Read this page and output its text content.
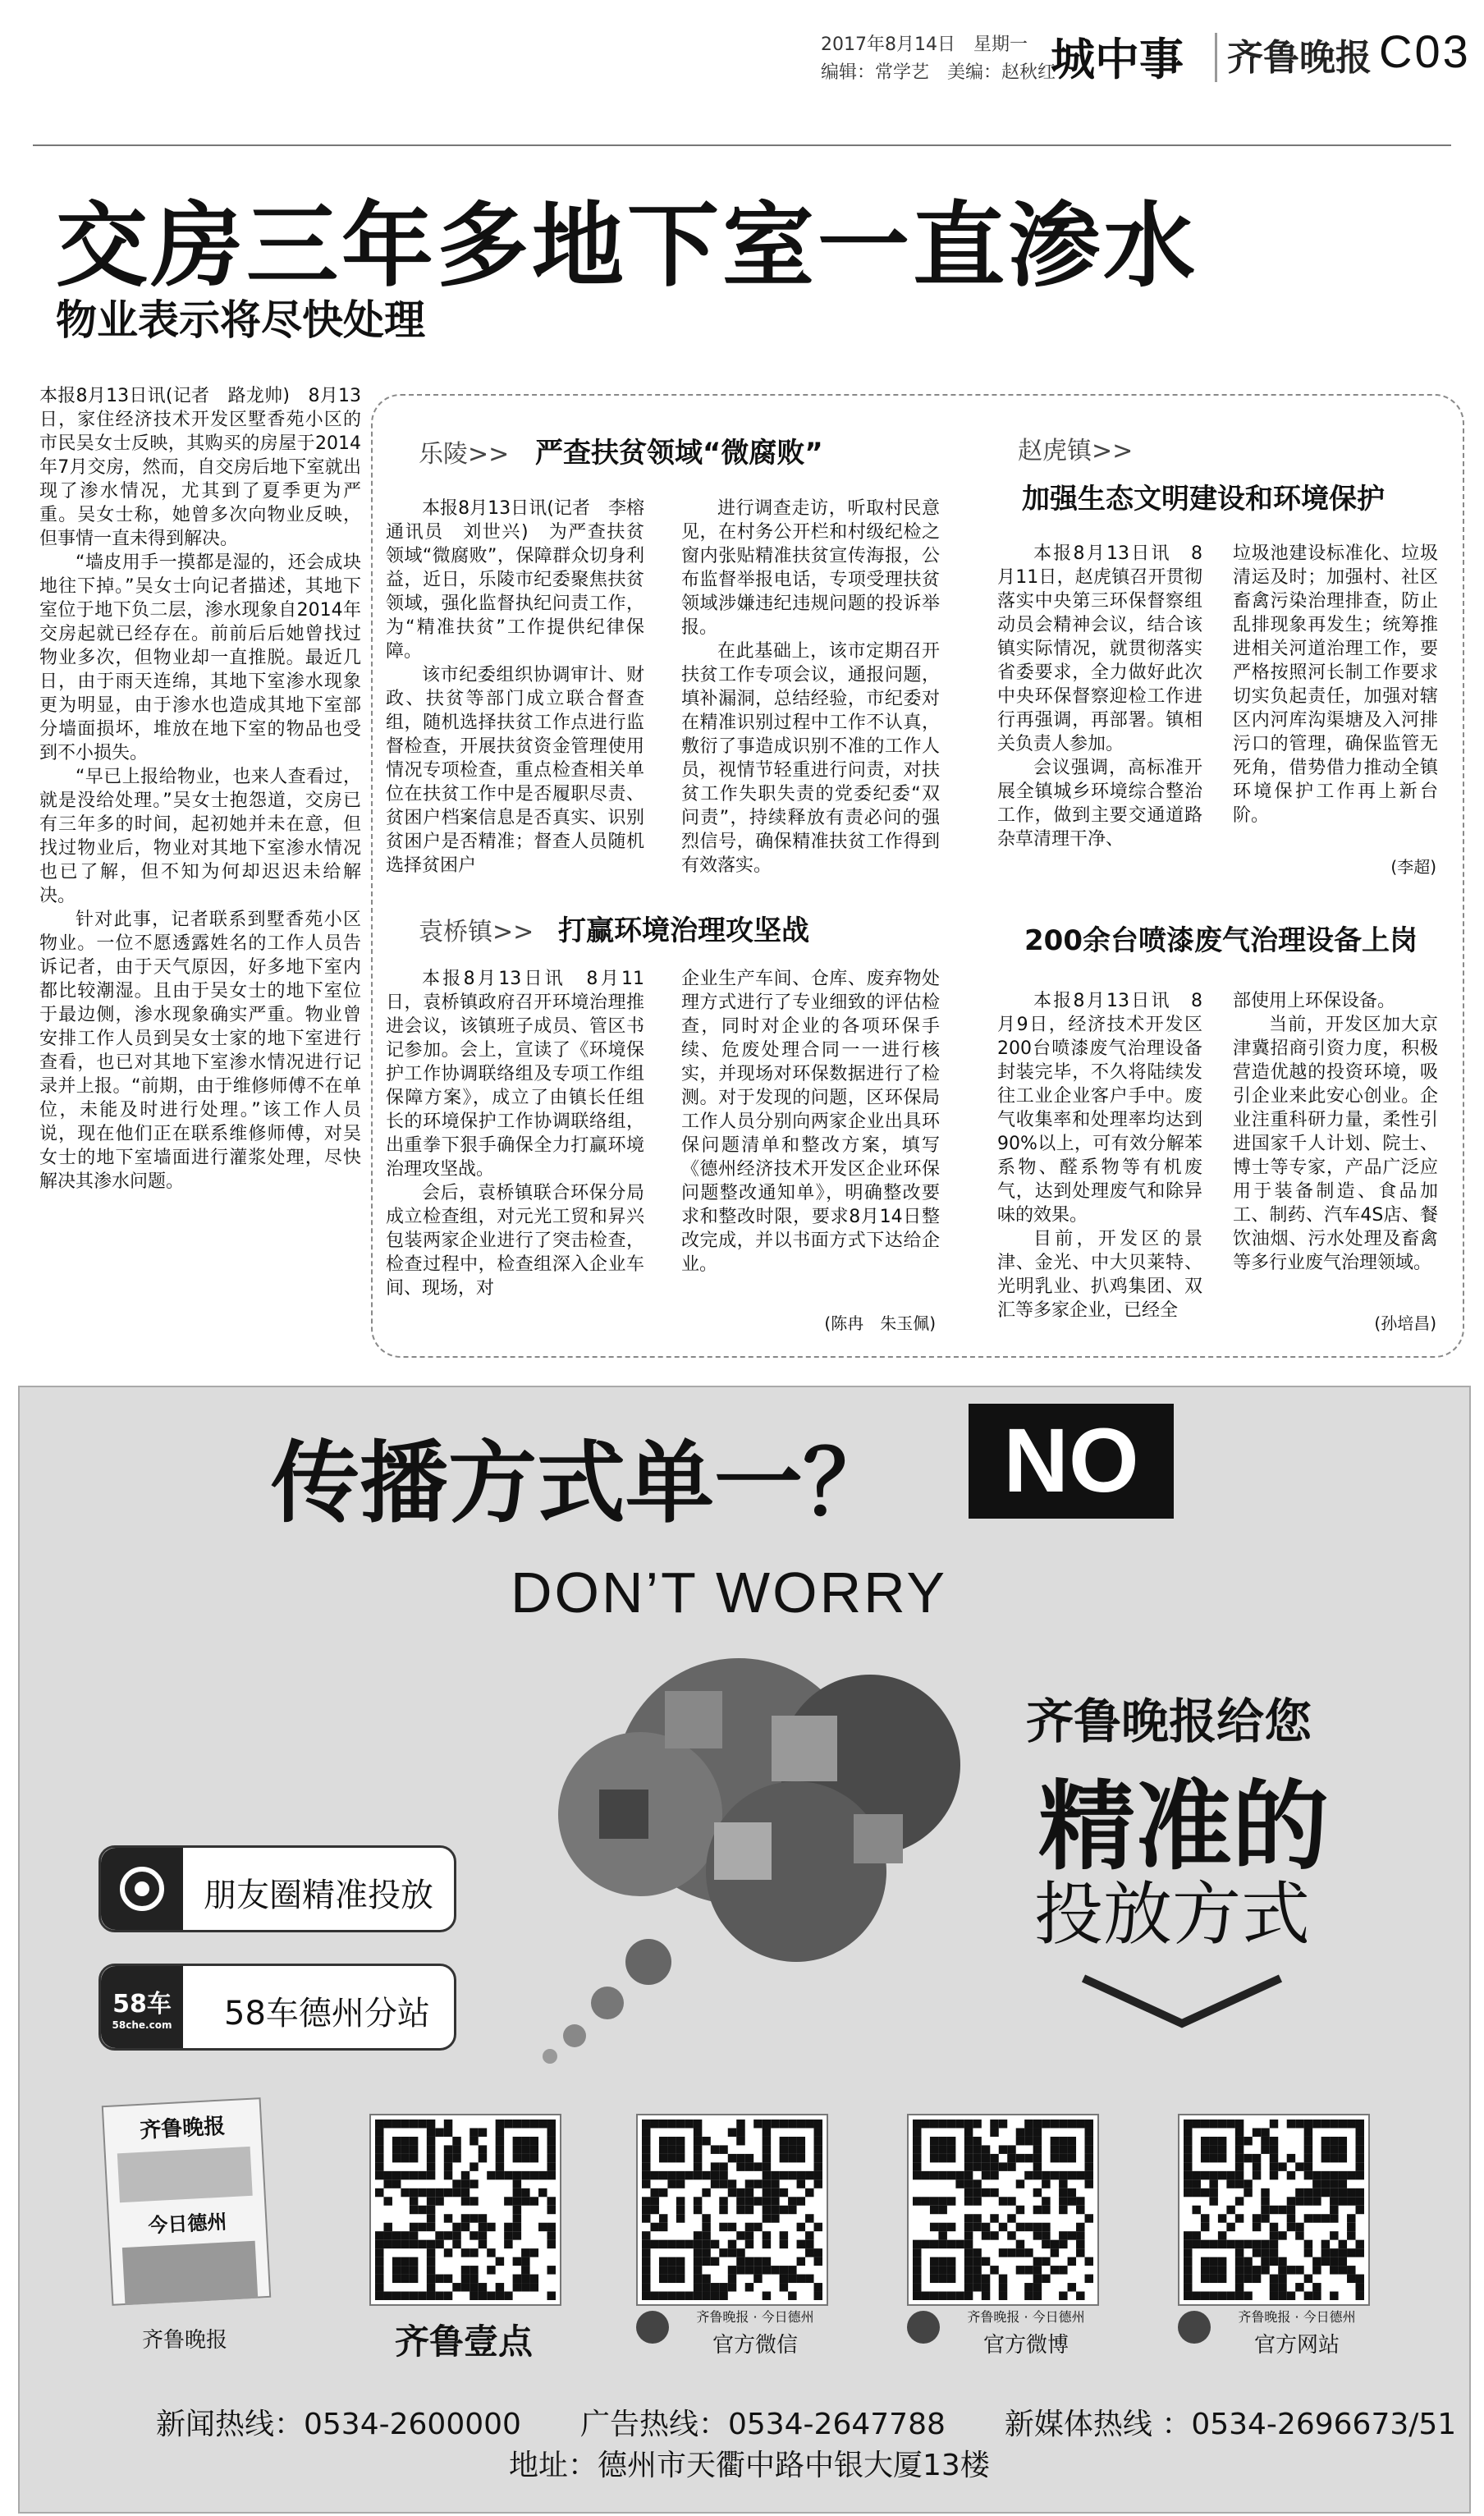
2017年8月14日　星期一
编辑：常学艺　美编：赵秋红
城中事 齐鲁晚报 C03
交房三年多地下室一直渗水
物业表示将尽快处理

本报8月13日讯(记者　路龙帅)　8月13日，家住经济技术开发区墅香苑小区的市民吴女士反映，其购买的房屋于2014年7月交房，然而，自交房后地下室就出现了渗水情况，尤其到了夏季更为严重。吴女士称，她曾多次向物业反映，但事情一直未得到解决。

“墙皮用手一摸都是湿的，还会成块地往下掉。”吴女士向记者描述，其地下室位于地下负二层，渗水现象自2014年交房起就已经存在。前前后后她曾找过物业多次，但物业却一直推脱。最近几日，由于雨天连绵，其地下室渗水现象更为明显，由于渗水也造成其地下室部分墙面损坏，堆放在地下室的物品也受到不小损失。

“早已上报给物业，也来人查看过，就是没给处理。”吴女士抱怨道，交房已有三年多的时间，起初她并未在意，但找过物业后，物业对其地下室渗水情况也已了解，但不知为何却迟迟未给解决。

针对此事，记者联系到墅香苑小区物业。一位不愿透露姓名的工作人员告诉记者，由于天气原因，好多地下室内都比较潮湿。且由于吴女士的地下室位于最边侧，渗水现象确实严重。物业曾安排工作人员到吴女士家的地下室进行查看，也已对其地下室渗水情况进行记录并上报。“前期，由于维修师傅不在单位，未能及时进行处理。”该工作人员说，现在他们正在联系维修师傅，对吴女士的地下室墙面进行灌浆处理，尽快解决其渗水问题。

乐陵>> 严查扶贫领域“微腐败”

本报8月13日讯(记者　李榕　通讯员　刘世兴)　为严查扶贫领域“微腐败”，保障群众切身利益，近日，乐陵市纪委聚焦扶贫领域，强化监督执纪问责工作，为“精准扶贫”工作提供纪律保障。

该市纪委组织协调审计、财政、扶贫等部门成立联合督查组，随机选择扶贫工作点进行监督检查，开展扶贫资金管理使用情况专项检查，重点检查相关单位在扶贫工作中是否履职尽责、贫困户档案信息是否真实、识别贫困户是否精准；督查人员随机选择贫困户

进行调查走访，听取村民意见，在村务公开栏和村级纪检之窗内张贴精准扶贫宣传海报，公布监督举报电话，专项受理扶贫领域涉嫌违纪违规问题的投诉举报。

在此基础上，该市定期召开扶贫工作专项会议，通报问题，填补漏洞，总结经验，市纪委对在精准识别过程中工作不认真，敷衍了事造成识别不准的工作人员，视情节轻重进行问责，对扶贫工作失职失责的党委纪委“双问责”，持续释放有责必问的强烈信号，确保精准扶贫工作得到有效落实。

赵虎镇>>
加强生态文明建设和环境保护

本报8月13日讯　8月11日，赵虎镇召开贯彻落实中央第三环保督察组动员会精神会议，结合该镇实际情况，就贯彻落实省委要求，全力做好此次中央环保督察迎检工作进行再强调，再部署。镇相关负责人参加。

会议强调，高标准开展全镇城乡环境综合整治工作，做到主要交通道路杂草清理干净、

垃圾池建设标准化、垃圾清运及时；加强村、社区畜禽污染治理排查，防止乱排现象再发生；统筹推进相关河道治理工作，要严格按照河长制工作要求切实负起责任，加强对辖区内河库沟渠塘及入河排污口的管理，确保监管无死角，借势借力推动全镇环境保护工作再上新台阶。

(李超)
袁桥镇>> 打赢环境治理攻坚战

本报8月13日讯　8月11日，袁桥镇政府召开环境治理推进会议，该镇班子成员、管区书记参加。会上，宣读了《环境保护工作协调联络组及专项工作组保障方案》，成立了由镇长任组长的环境保护工作协调联络组，出重拳下狠手确保全力打赢环境治理攻坚战。

会后，袁桥镇联合环保分局成立检查组，对元光工贸和昇兴包装两家企业进行了突击检查，检查过程中，检查组深入企业车间、现场，对

企业生产车间、仓库、废弃物处理方式进行了专业细致的评估检查，同时对企业的各项环保手续、危废处理合同一一进行核实，并现场对环保数据进行了检测。对于发现的问题，区环保局工作人员分别向两家企业出具环保问题清单和整改方案，填写《德州经济技术开发区企业环保问题整改通知单》，明确整改要求和整改时限，要求8月14日整改完成，并以书面方式下达给企业。

(陈冉　朱玉佩)
200余台喷漆废气治理设备上岗

本报8月13日讯　8月9日，经济技术开发区200台喷漆废气治理设备封装完毕，不久将陆续发往工业企业客户手中。废气收集率和处理率均达到90%以上，可有效分解苯系物、醛系物等有机废气，达到处理废气和除异味的效果。

目前，开发区的景津、金光、中大贝莱特、光明乳业、扒鸡集团、双汇等多家企业，已经全

部使用上环保设备。

当前，开发区加大京津冀招商引资力度，积极营造优越的投资环境，吸引企业来此安心创业。企业注重科研力量，柔性引进国家千人计划、院士、博士等专家，产品广泛应用于装备制造、食品加工、制药、汽车4S店、餐饮油烟、污水处理及畜禽等多行业废气治理领域。

(孙培昌)
传播方式单一？	NO
DON’T WORRY
齐鲁晚报给您
精准的
投放方式
朋友圈精准投放
58车
58che.com 58车德州分站
齐鲁晚报
今日德州
齐鲁晚报	齐鲁壹点
齐鲁晚报 · 今日德州
官方微信
齐鲁晚报 · 今日德州
官方微博
齐鲁晚报 · 今日德州
官方网站
新闻热线：0534-2600000　　广告热线：0534-2647788　　新媒体热线 ：0534-2696673/51
地址：德州市天衢中路中银大厦13楼
